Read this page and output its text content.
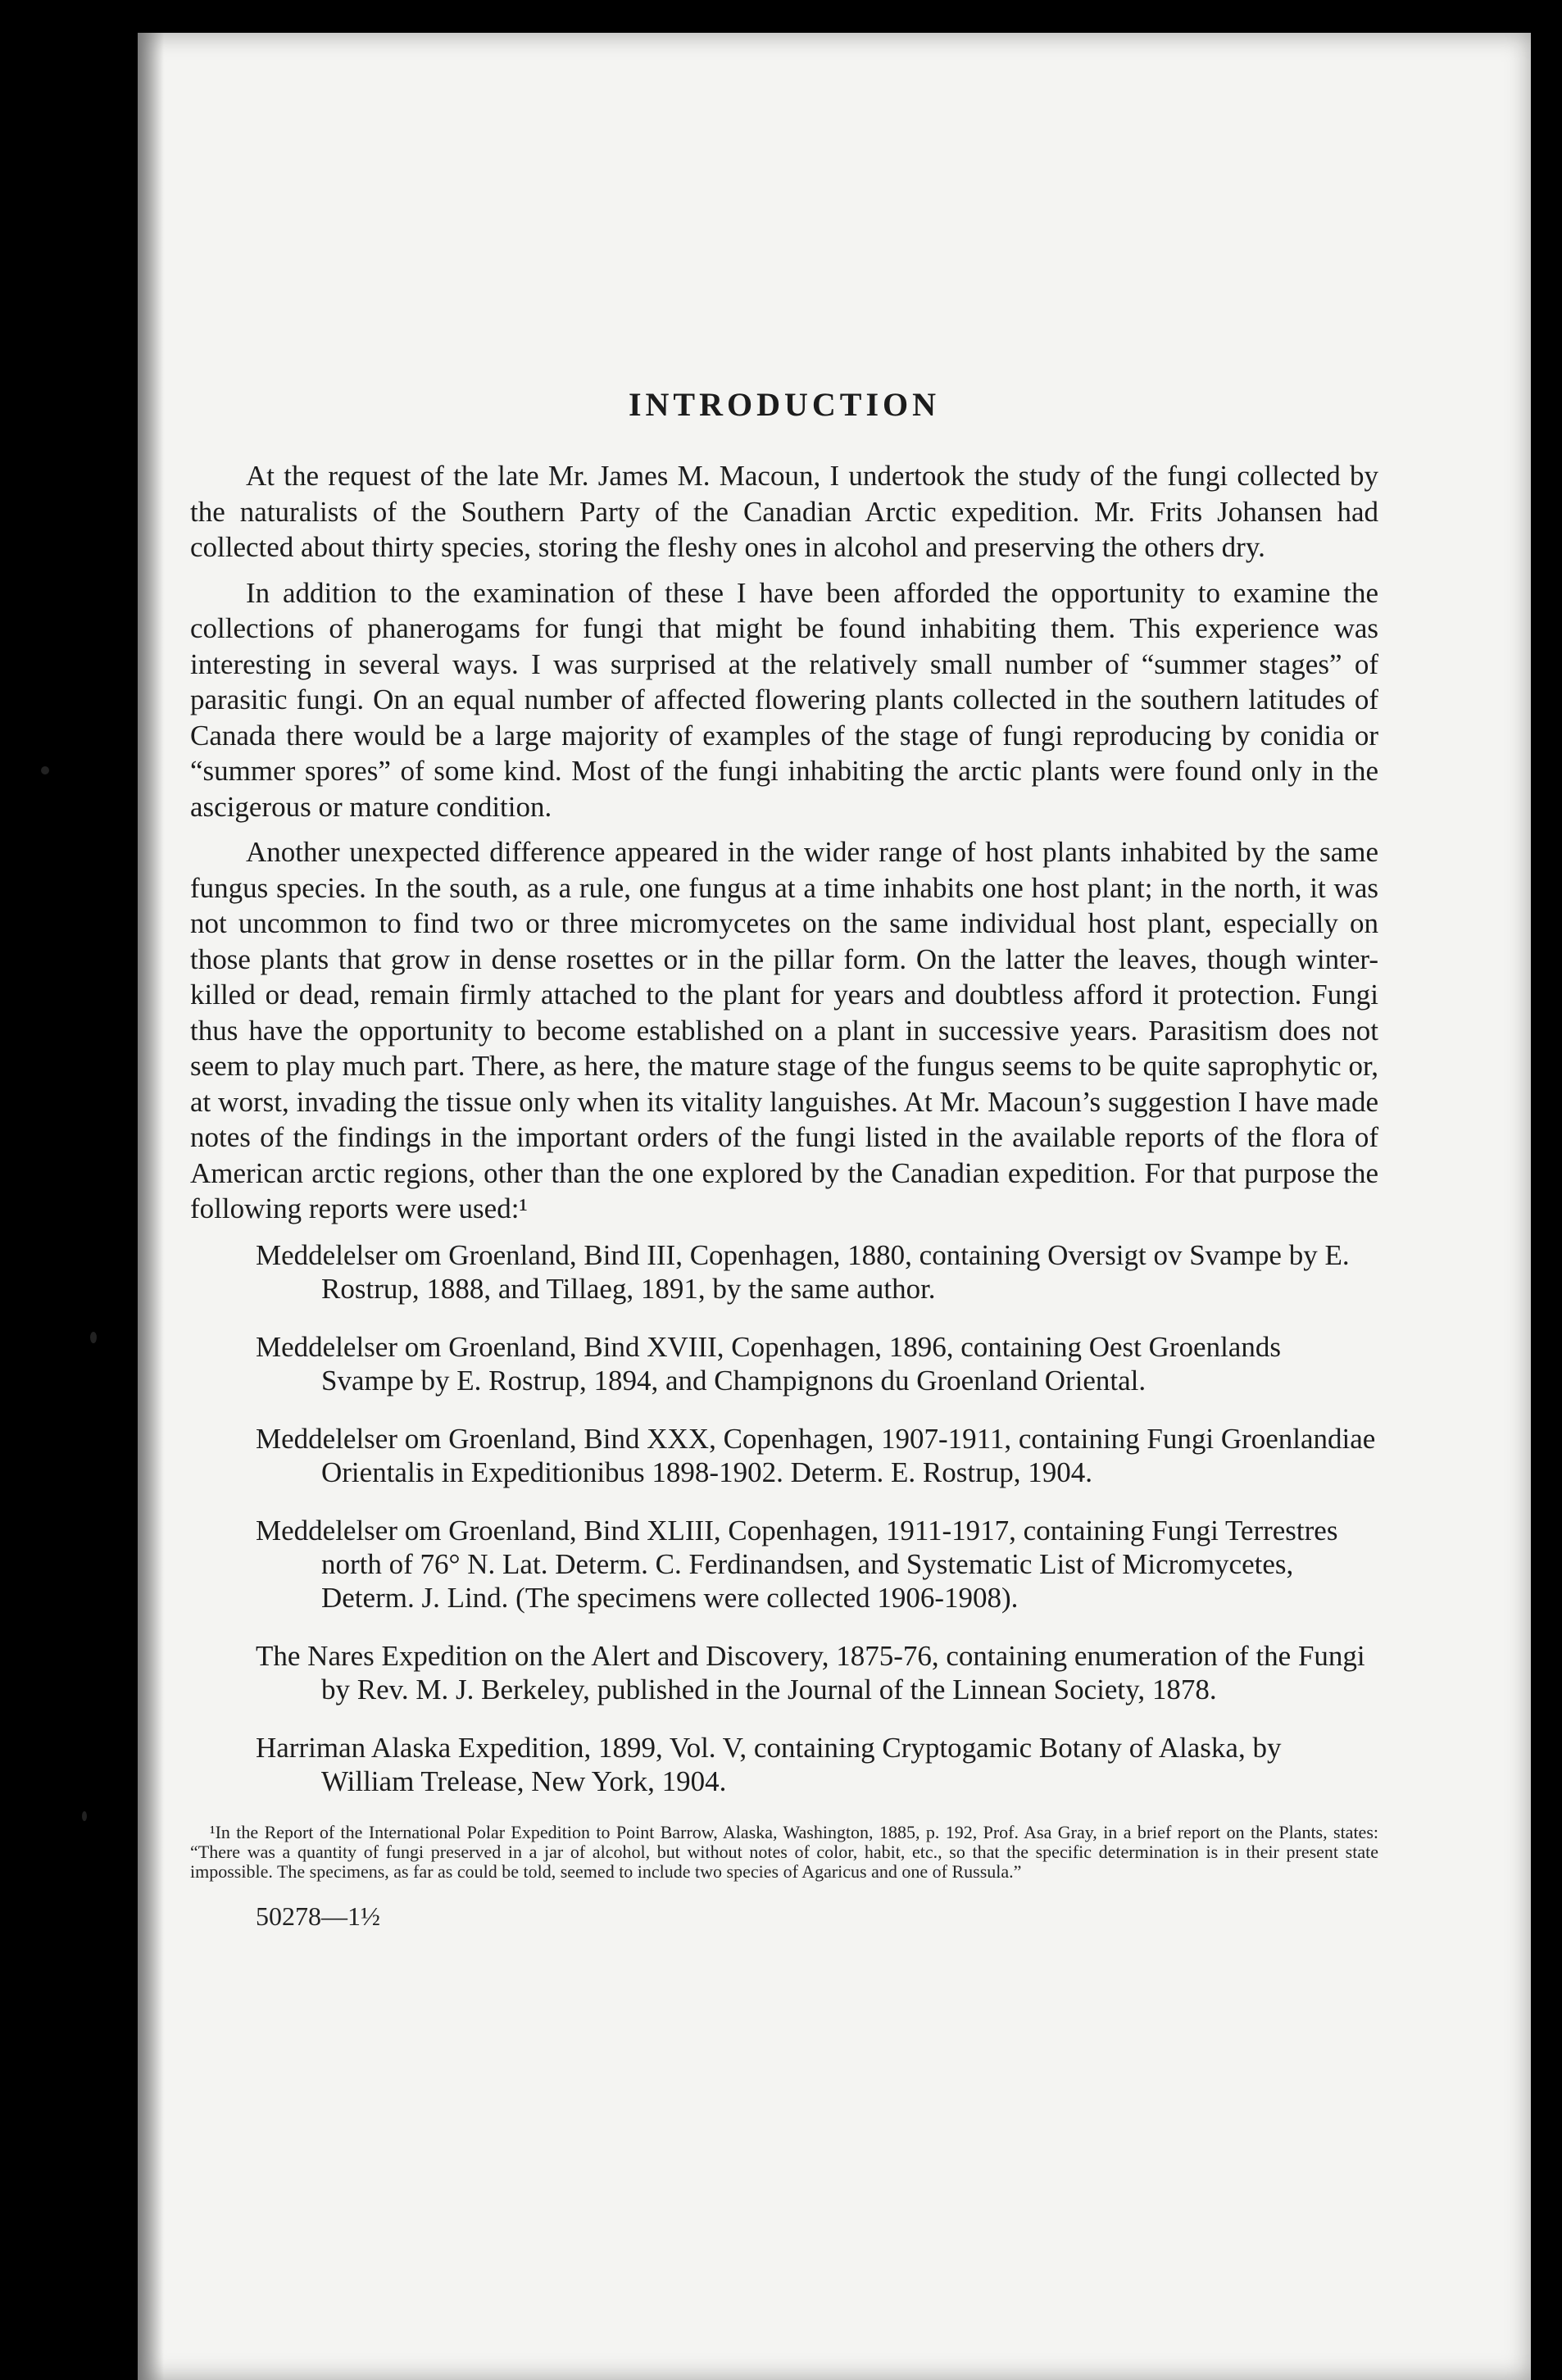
INTRODUCTION

At the request of the late Mr. James M. Macoun, I undertook the study of the fungi collected by the naturalists of the Southern Party of the Canadian Arctic expedition. Mr. Frits Johansen had collected about thirty species, storing the fleshy ones in alcohol and preserving the others dry.

In addition to the examination of these I have been afforded the opportunity to examine the collections of phanerogams for fungi that might be found inhabiting them. This experience was interesting in several ways. I was surprised at the relatively small number of “summer stages” of parasitic fungi. On an equal number of affected flowering plants collected in the southern latitudes of Canada there would be a large majority of examples of the stage of fungi reproducing by conidia or “summer spores” of some kind. Most of the fungi inhabiting the arctic plants were found only in the ascigerous or mature condition.

Another unexpected difference appeared in the wider range of host plants inhabited by the same fungus species. In the south, as a rule, one fungus at a time inhabits one host plant; in the north, it was not uncommon to find two or three micromycetes on the same individual host plant, especially on those plants that grow in dense rosettes or in the pillar form. On the latter the leaves, though winter-killed or dead, remain firmly attached to the plant for years and doubtless afford it protection. Fungi thus have the opportunity to become established on a plant in successive years. Parasitism does not seem to play much part. There, as here, the mature stage of the fungus seems to be quite saprophytic or, at worst, invading the tissue only when its vitality languishes. At Mr. Macoun’s suggestion I have made notes of the findings in the important orders of the fungi listed in the available reports of the flora of American arctic regions, other than the one explored by the Canadian expedition. For that purpose the following reports were used:¹

Meddelelser om Groenland, Bind III, Copenhagen, 1880, containing Oversigt ov Svampe by E. Rostrup, 1888, and Tillaeg, 1891, by the same author.
Meddelelser om Groenland, Bind XVIII, Copenhagen, 1896, containing Oest Groenlands Svampe by E. Rostrup, 1894, and Champignons du Groenland Oriental.
Meddelelser om Groenland, Bind XXX, Copenhagen, 1907-1911, containing Fungi Groenlandiae Orientalis in Expeditionibus 1898-1902. Determ. E. Rostrup, 1904.
Meddelelser om Groenland, Bind XLIII, Copenhagen, 1911-1917, containing Fungi Terrestres north of 76° N. Lat. Determ. C. Ferdinandsen, and Systematic List of Micromycetes, Determ. J. Lind. (The specimens were collected 1906-1908).
The Nares Expedition on the Alert and Discovery, 1875-76, containing enumeration of the Fungi by Rev. M. J. Berkeley, published in the Journal of the Linnean Society, 1878.
Harriman Alaska Expedition, 1899, Vol. V, containing Cryptogamic Botany of Alaska, by William Trelease, New York, 1904.

¹In the Report of the International Polar Expedition to Point Barrow, Alaska, Washington, 1885, p. 192, Prof. Asa Gray, in a brief report on the Plants, states: “There was a quantity of fungi preserved in a jar of alcohol, but without notes of color, habit, etc., so that the specific determination is in their present state impossible. The specimens, as far as could be told, seemed to include two species of Agaricus and one of Russula.”

50278—1½
